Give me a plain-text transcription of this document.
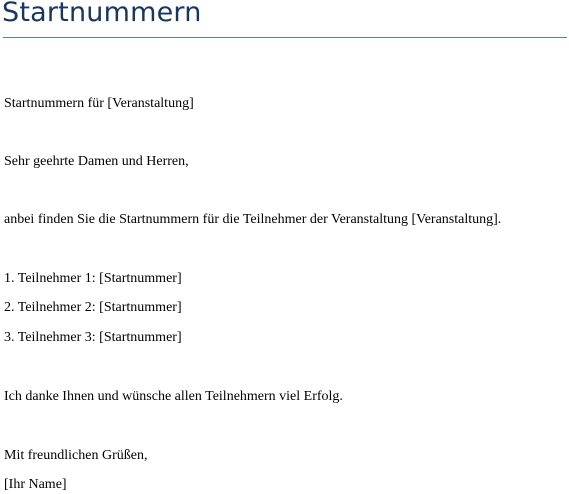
Startnummern
Startnummern für [Veranstaltung]
Sehr geehrte Damen und Herren,
anbei finden Sie die Startnummern für die Teilnehmer der Veranstaltung [Veranstaltung].
1. Teilnehmer 1: [Startnummer]
2. Teilnehmer 2: [Startnummer]
3. Teilnehmer 3: [Startnummer]
Ich danke Ihnen und wünsche allen Teilnehmern viel Erfolg.
Mit freundlichen Grüßen,
[Ihr Name]
